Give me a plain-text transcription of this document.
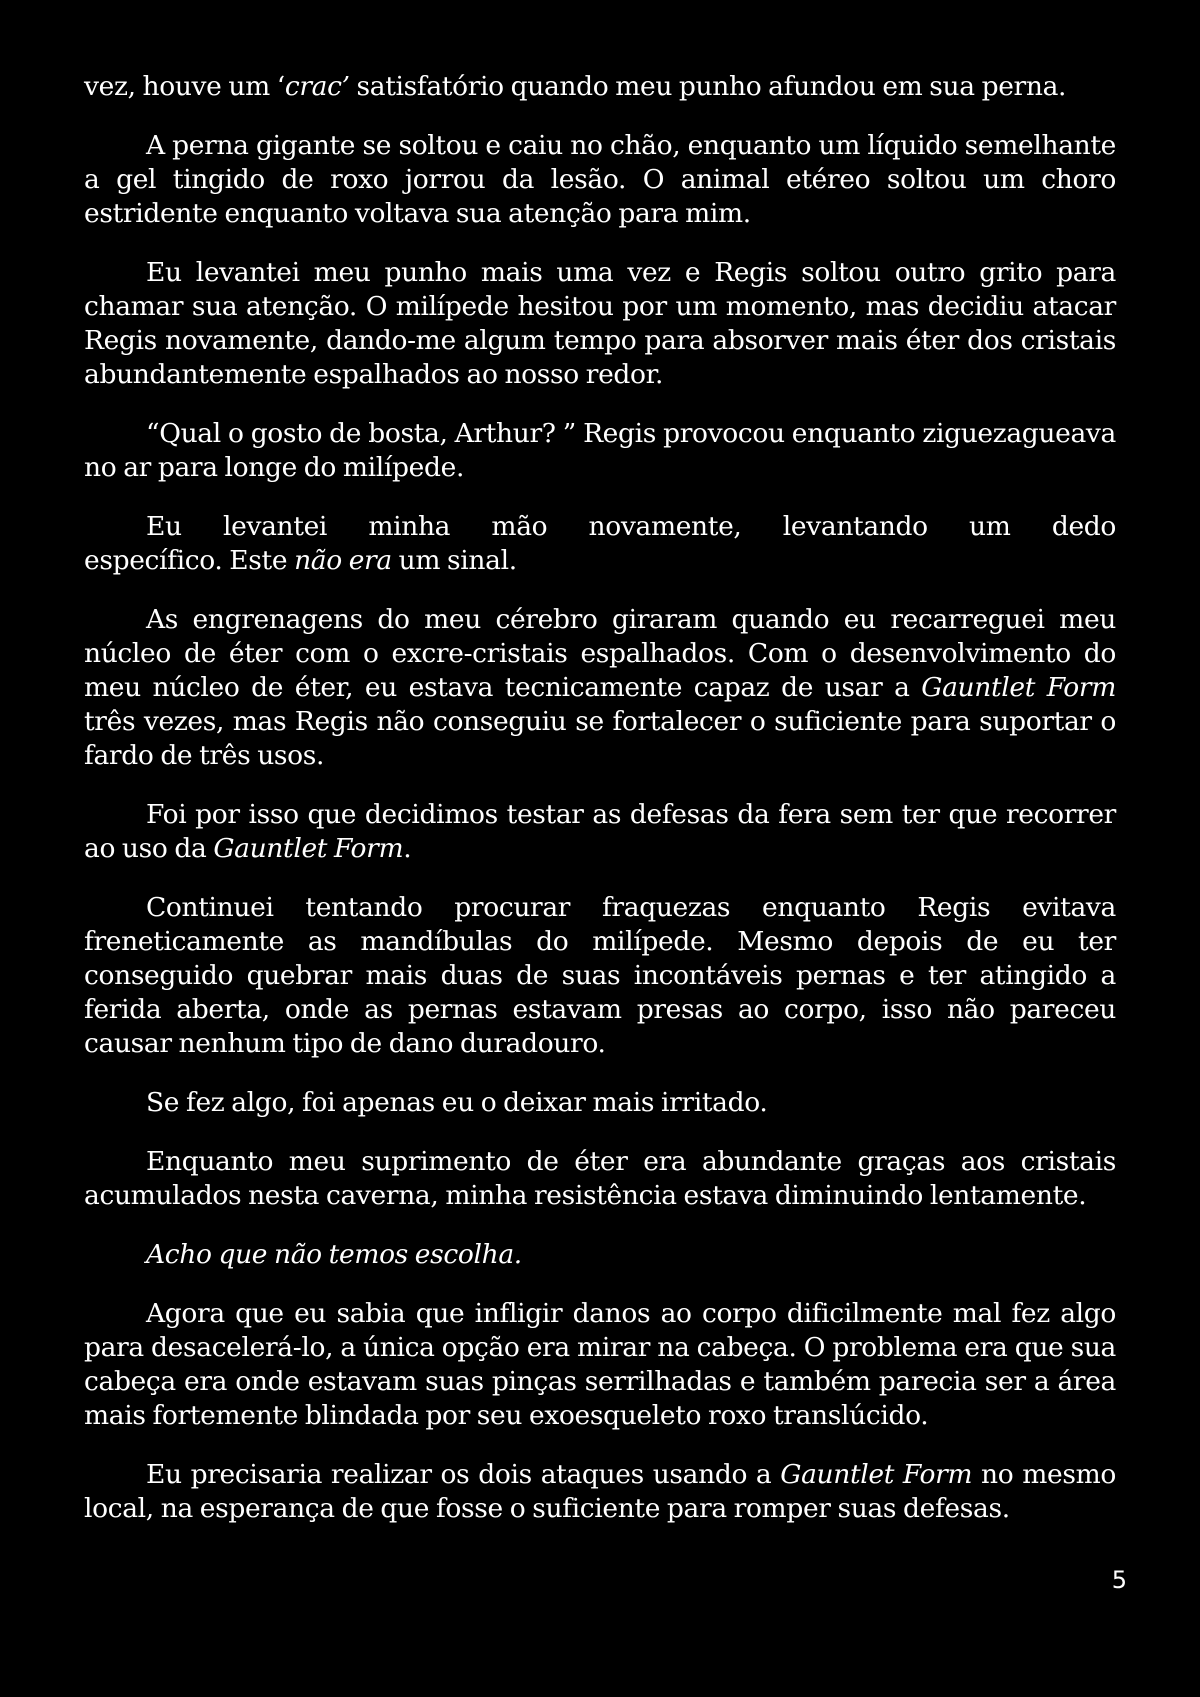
vez, houve um ‘crac’ satisfatório quando meu punho afundou em sua perna.

A perna gigante se soltou e caiu no chão, enquanto um líquido semelhante a gel tingido de roxo jorrou da lesão. O animal etéreo soltou um choro estridente enquanto voltava sua atenção para mim.

Eu levantei meu punho mais uma vez e Regis soltou outro grito para chamar sua atenção. O milípede hesitou por um momento, mas decidiu atacar Regis novamente, dando-me algum tempo para absorver mais éter dos cristais abundantemente espalhados ao nosso redor.

“Qual o gosto de bosta, Arthur? ” Regis provocou enquanto ziguezagueava no ar para longe do milípede.

Eu levantei minha mão novamente, levantando um dedo
específico. Este não era um sinal.

As engrenagens do meu cérebro giraram quando eu recarreguei meu núcleo de éter com o excre-cristais espalhados. Com o desenvolvimento do meu núcleo de éter, eu estava tecnicamente capaz de usar a Gauntlet Form três vezes, mas Regis não conseguiu se fortalecer o suficiente para suportar o fardo de três usos.

Foi por isso que decidimos testar as defesas da fera sem ter que recorrer ao uso da Gauntlet Form.

Continuei tentando procurar fraquezas enquanto Regis evitava freneticamente as mandíbulas do milípede. Mesmo depois de eu ter conseguido quebrar mais duas de suas incontáveis pernas e ter atingido a ferida aberta, onde as pernas estavam presas ao corpo, isso não pareceu causar nenhum tipo de dano duradouro.

Se fez algo, foi apenas eu o deixar mais irritado.

Enquanto meu suprimento de éter era abundante graças aos cristais acumulados nesta caverna, minha resistência estava diminuindo lentamente.

Acho que não temos escolha.

Agora que eu sabia que infligir danos ao corpo dificilmente mal fez algo para desacelerá-lo, a única opção era mirar na cabeça. O problema era que sua cabeça era onde estavam suas pinças serrilhadas e também parecia ser a área mais fortemente blindada por seu exoesqueleto roxo translúcido.

Eu precisaria realizar os dois ataques usando a Gauntlet Form no mesmo local, na esperança de que fosse o suficiente para romper suas defesas.

5
